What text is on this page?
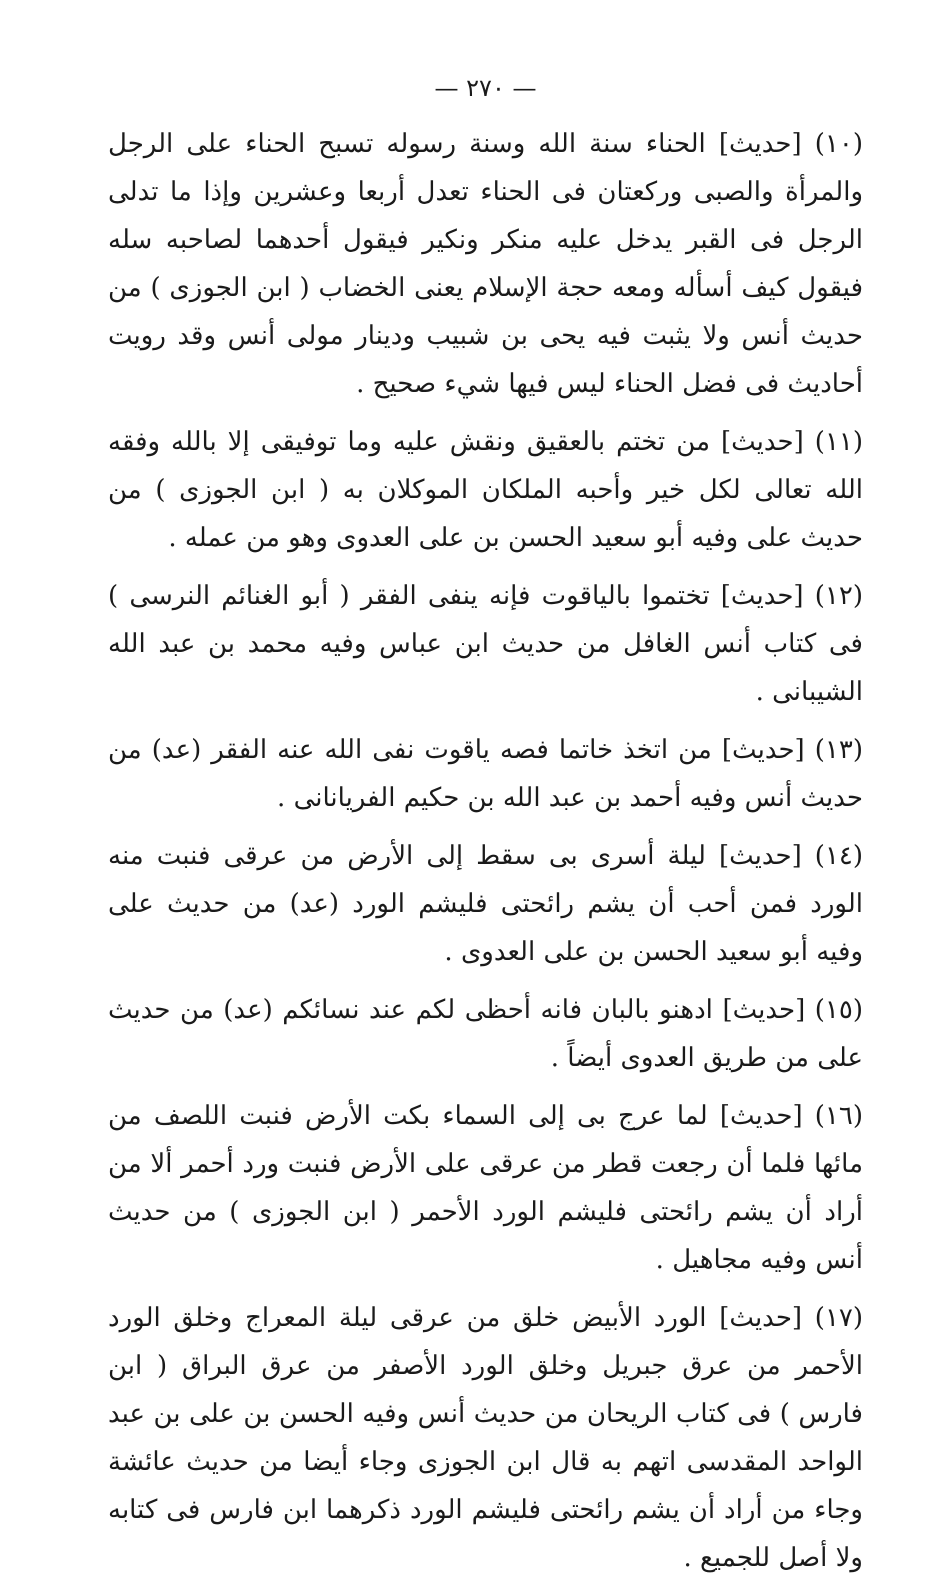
— ٢٧٠ —

(١٠) [حديث] الحناء سنة الله وسنة رسوله تسبح الحناء على الرجل والمرأة والصبى وركعتان فى الحناء تعدل أربعا وعشرين وإذا ما تدلى الرجل فى القبر يدخل عليه منكر ونكير فيقول أحدهما لصاحبه سله فيقول كيف أسأله ومعه حجة الإسلام يعنى الخضاب ( ابن الجوزى ) من حديث أنس ولا يثبت فيه يحى بن شبيب ودينار مولى أنس وقد رويت أحاديث فى فضل الحناء ليس فيها شيء صحيح .

(١١) [حديث] من تختم بالعقيق ونقش عليه وما توفيقى إلا بالله وفقه الله تعالى لكل خير وأحبه الملكان الموكلان به ( ابن الجوزى ) من حديث على وفيه أبو سعيد الحسن بن على العدوى وهو من عمله .

(١٢) [حديث] تختموا بالياقوت فإنه ينفى الفقر ( أبو الغنائم النرسى ) فى كتاب أنس الغافل من حديث ابن عباس وفيه محمد بن عبد الله الشيبانى .

(١٣) [حديث] من اتخذ خاتما فصه ياقوت نفى الله عنه الفقر (عد) من حديث أنس وفيه أحمد بن عبد الله بن حكيم الفريانانى .

(١٤) [حديث] ليلة أسرى بى سقط إلى الأرض من عرقى فنبت منه الورد فمن أحب أن يشم رائحتى فليشم الورد (عد) من حديث على وفيه أبو سعيد الحسن بن على العدوى .

(١٥) [حديث] ادهنو بالبان فانه أحظى لكم عند نسائكم (عد) من حديث على من طريق العدوى أيضاً .

(١٦) [حديث] لما عرج بى إلى السماء بكت الأرض فنبت اللصف من مائها فلما أن رجعت قطر من عرقى على الأرض فنبت ورد أحمر ألا من أراد أن يشم رائحتى فليشم الورد الأحمر ( ابن الجوزى ) من حديث أنس وفيه مجاهيل .

(١٧) [حديث] الورد الأبيض خلق من عرقى ليلة المعراج وخلق الورد الأحمر من عرق جبريل وخلق الورد الأصفر من عرق البراق ( ابن فارس ) فى كتاب الريحان من حديث أنس وفيه الحسن بن على بن عبد الواحد المقدسى اتهم به قال ابن الجوزى وجاء أيضا من حديث عائشة وجاء من أراد أن يشم رائحتى فليشم الورد ذكرهما ابن فارس فى كتابه ولا أصل للجميع .
